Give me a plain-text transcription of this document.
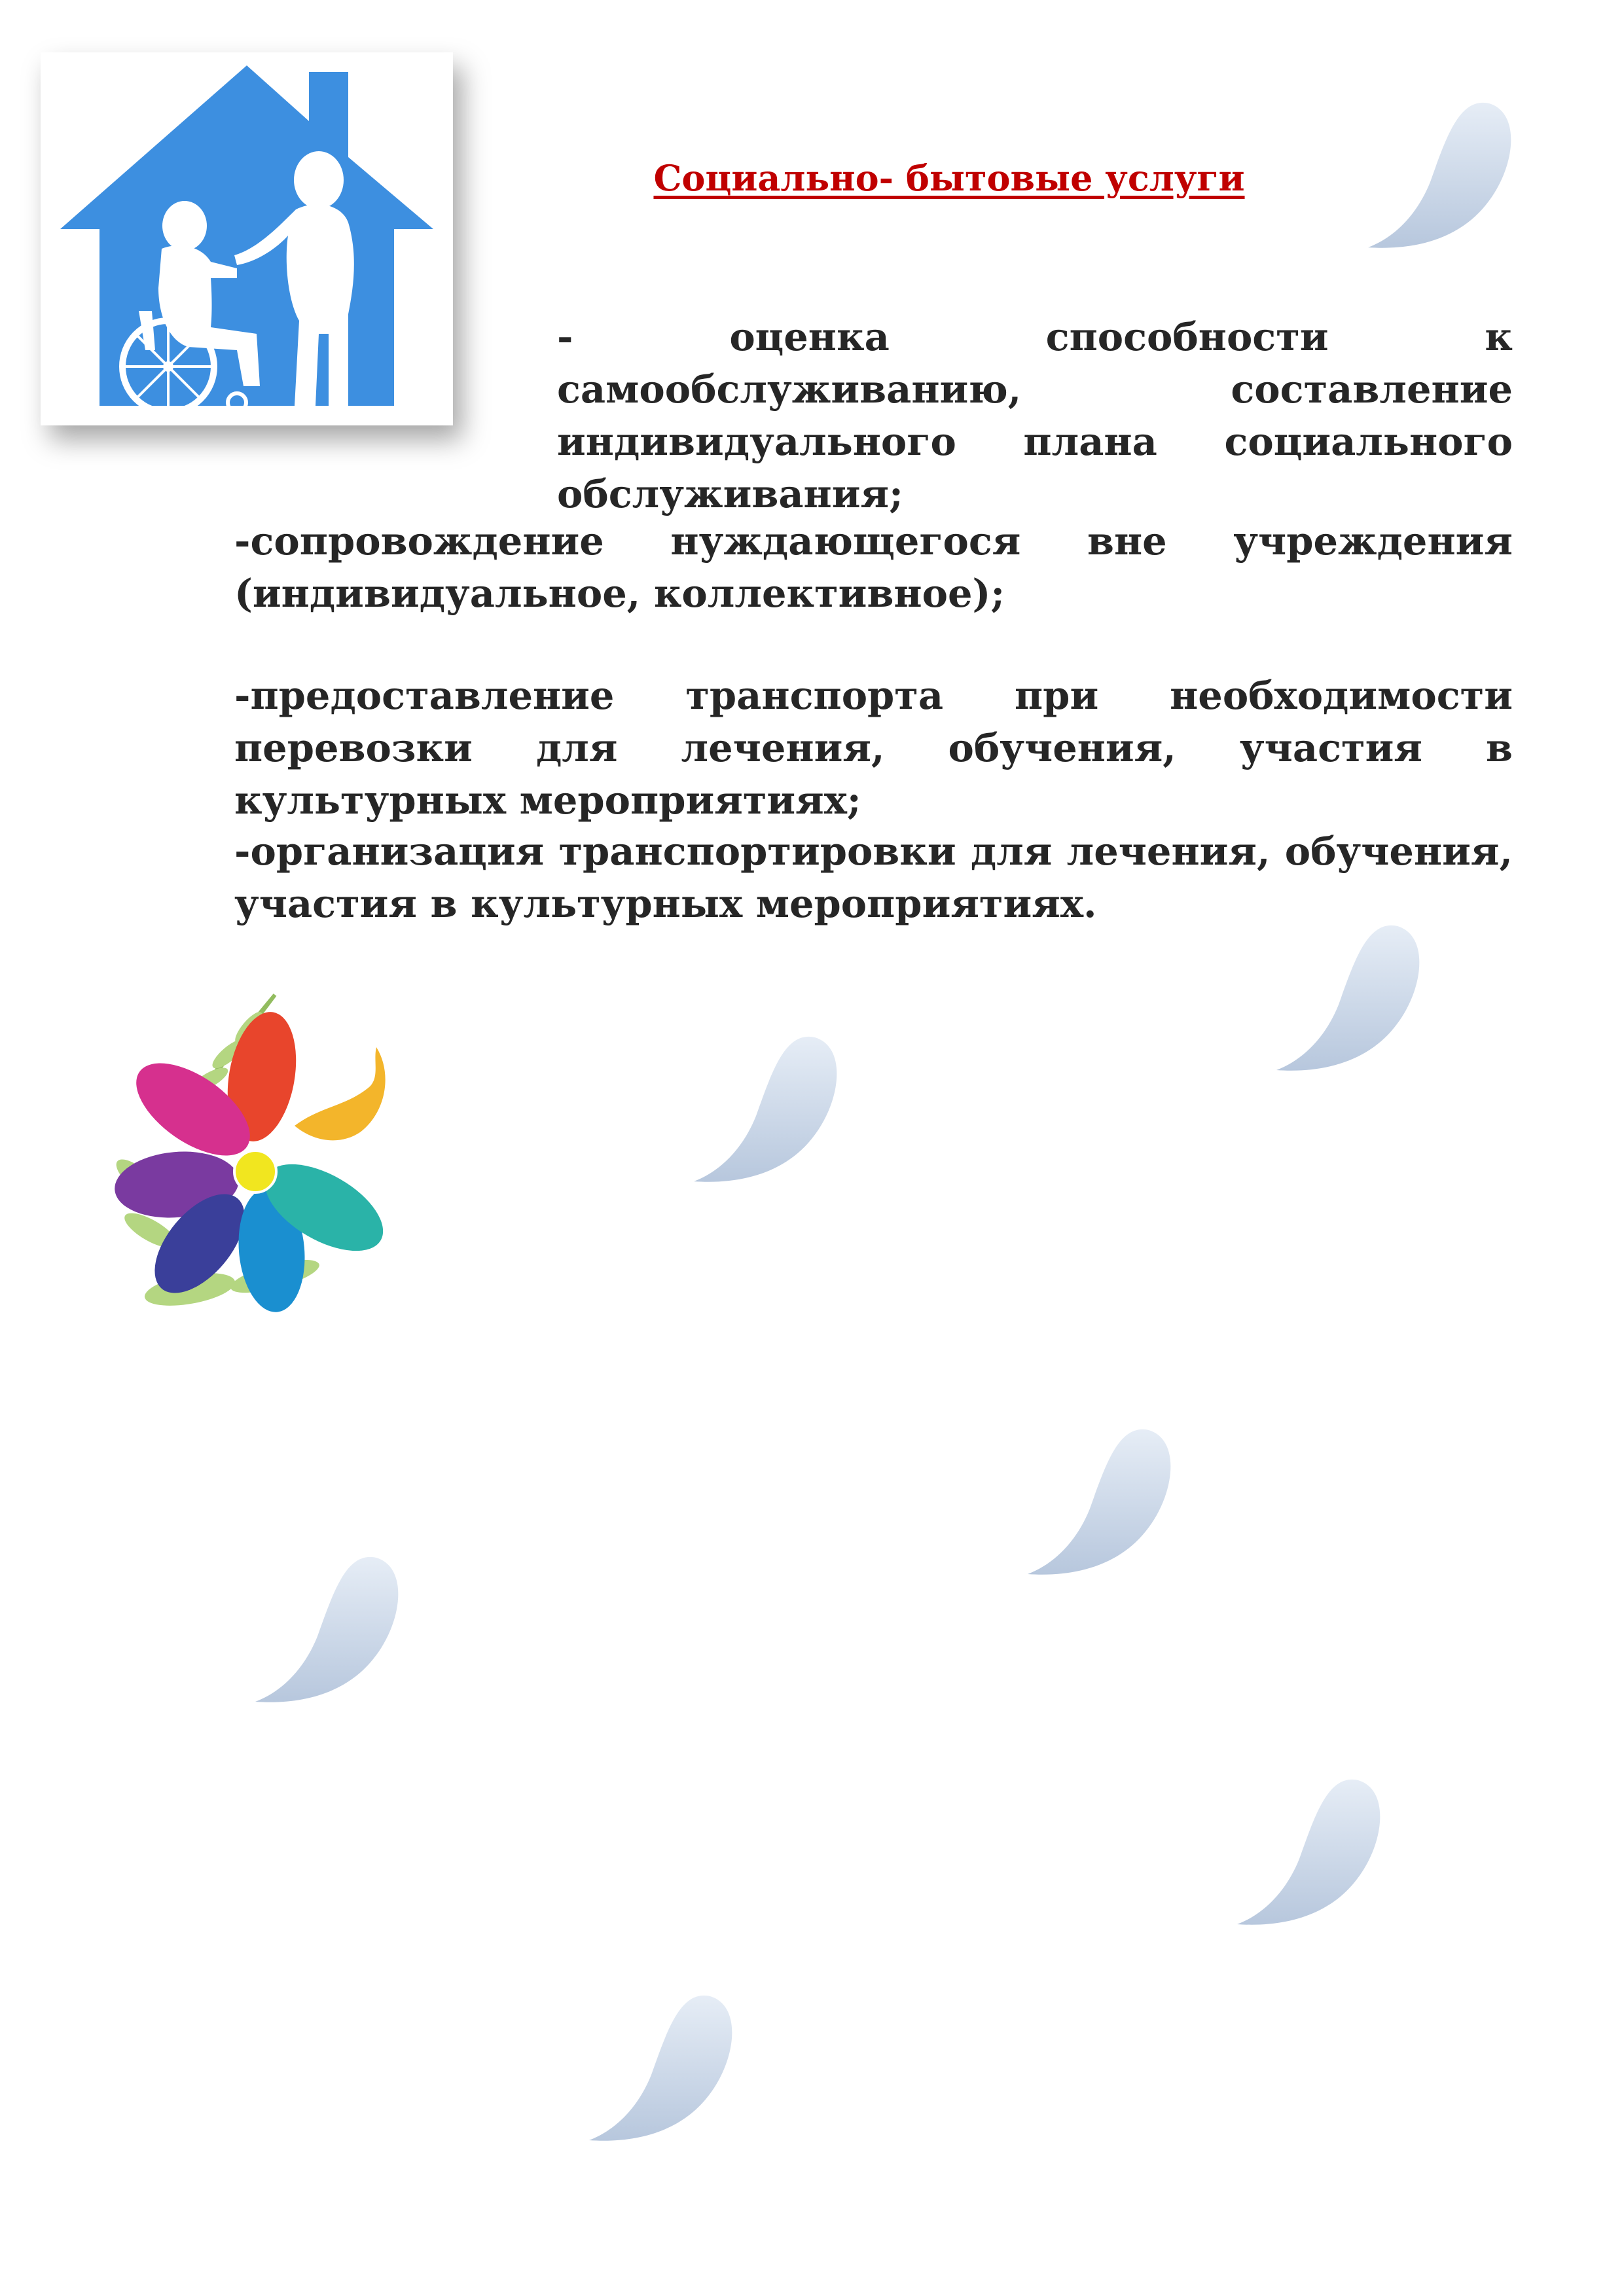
Социально- бытовые услуги

- оценка способности к самообслуживанию, составление индивидуального плана социального обслуживания;

-сопровождение нуждающегося вне учреждения (индивидуальное, коллективное);

-предоставление транспорта при необходимости перевозки для лечения, обучения, участия в культурных мероприятиях;

-организация транспортировки для лечения, обучения, участия в культурных мероприятиях.
